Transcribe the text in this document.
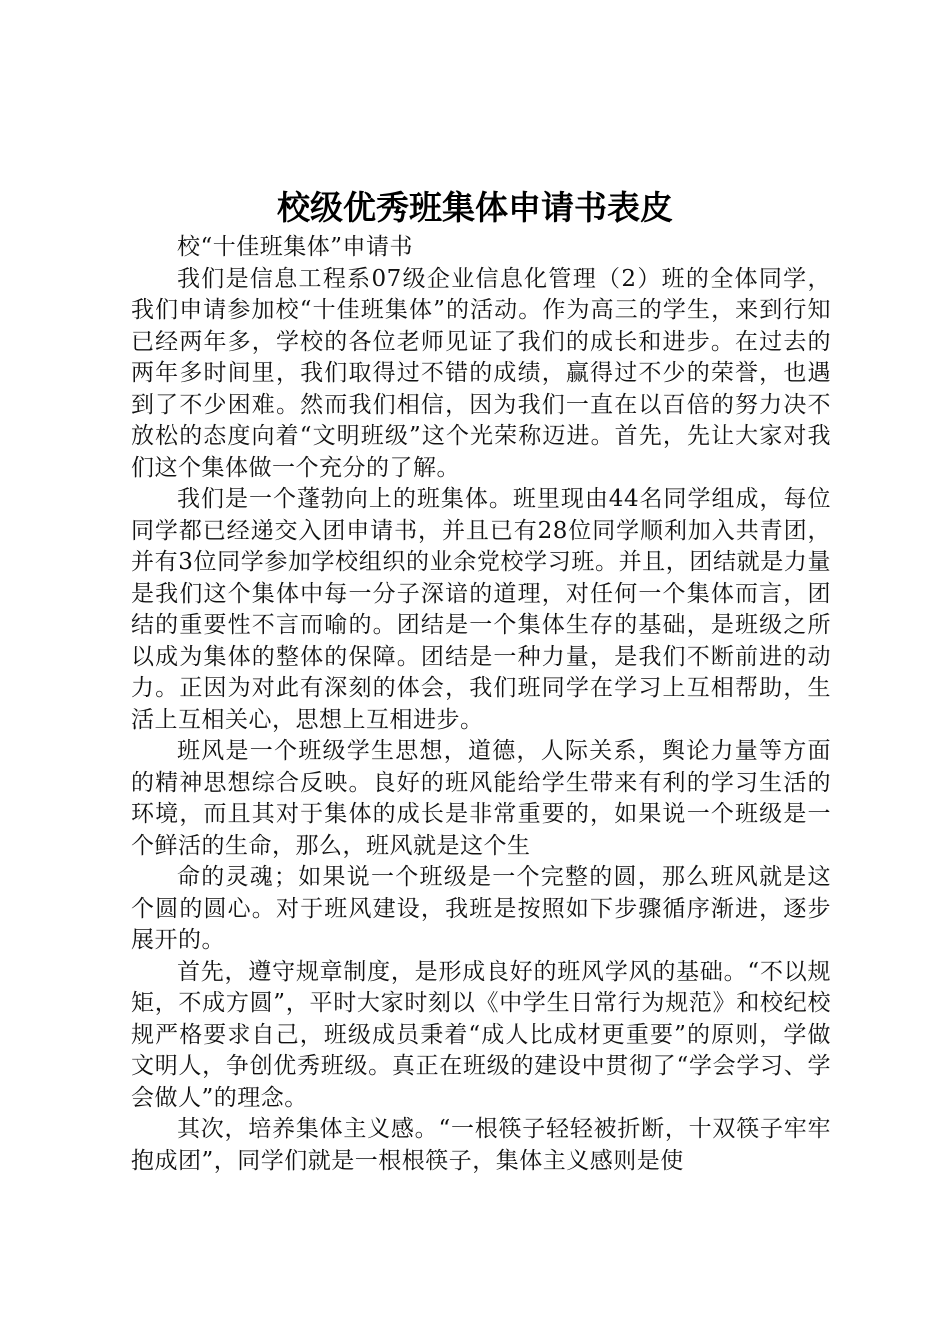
校级优秀班集体申请书表皮

校“十佳班集体”申请书

我们是信息工程系07级企业信息化管理（2）班的全体同学，我们申请参加校“十佳班集体”的活动。作为高三的学生，来到行知已经两年多，学校的各位老师见证了我们的成长和进步。在过去的两年多时间里，我们取得过不错的成绩，赢得过不少的荣誉，也遇到了不少困难。然而我们相信，因为我们一直在以百倍的努力决不放松的态度向着“文明班级”这个光荣称迈进。首先，先让大家对我们这个集体做一个充分的了解。

我们是一个蓬勃向上的班集体。班里现由44名同学组成，每位同学都已经递交入团申请书，并且已有28位同学顺利加入共青团，并有3位同学参加学校组织的业余党校学习班。并且，团结就是力量是我们这个集体中每一分子深谙的道理，对任何一个集体而言，团结的重要性不言而喻的。团结是一个集体生存的基础，是班级之所以成为集体的整体的保障。团结是一种力量，是我们不断前进的动力。正因为对此有深刻的体会，我们班同学在学习上互相帮助，生活上互相关心，思想上互相进步。

班风是一个班级学生思想，道德，人际关系，舆论力量等方面的精神思想综合反映。良好的班风能给学生带来有利的学习生活的环境，而且其对于集体的成长是非常重要的，如果说一个班级是一个鲜活的生命，那么，班风就是这个生

命的灵魂；如果说一个班级是一个完整的圆，那么班风就是这个圆的圆心。对于班风建设，我班是按照如下步骤循序渐进，逐步展开的。

首先，遵守规章制度，是形成良好的班风学风的基础。“不以规矩，不成方圆”，平时大家时刻以《中学生日常行为规范》和校纪校规严格要求自己，班级成员秉着“成人比成材更重要”的原则，学做文明人，争创优秀班级。真正在班级的建设中贯彻了“学会学习、学会做人”的理念。

其次，培养集体主义感。“一根筷子轻轻被折断，十双筷子牢牢抱成团”，同学们就是一根根筷子，集体主义感则是使
